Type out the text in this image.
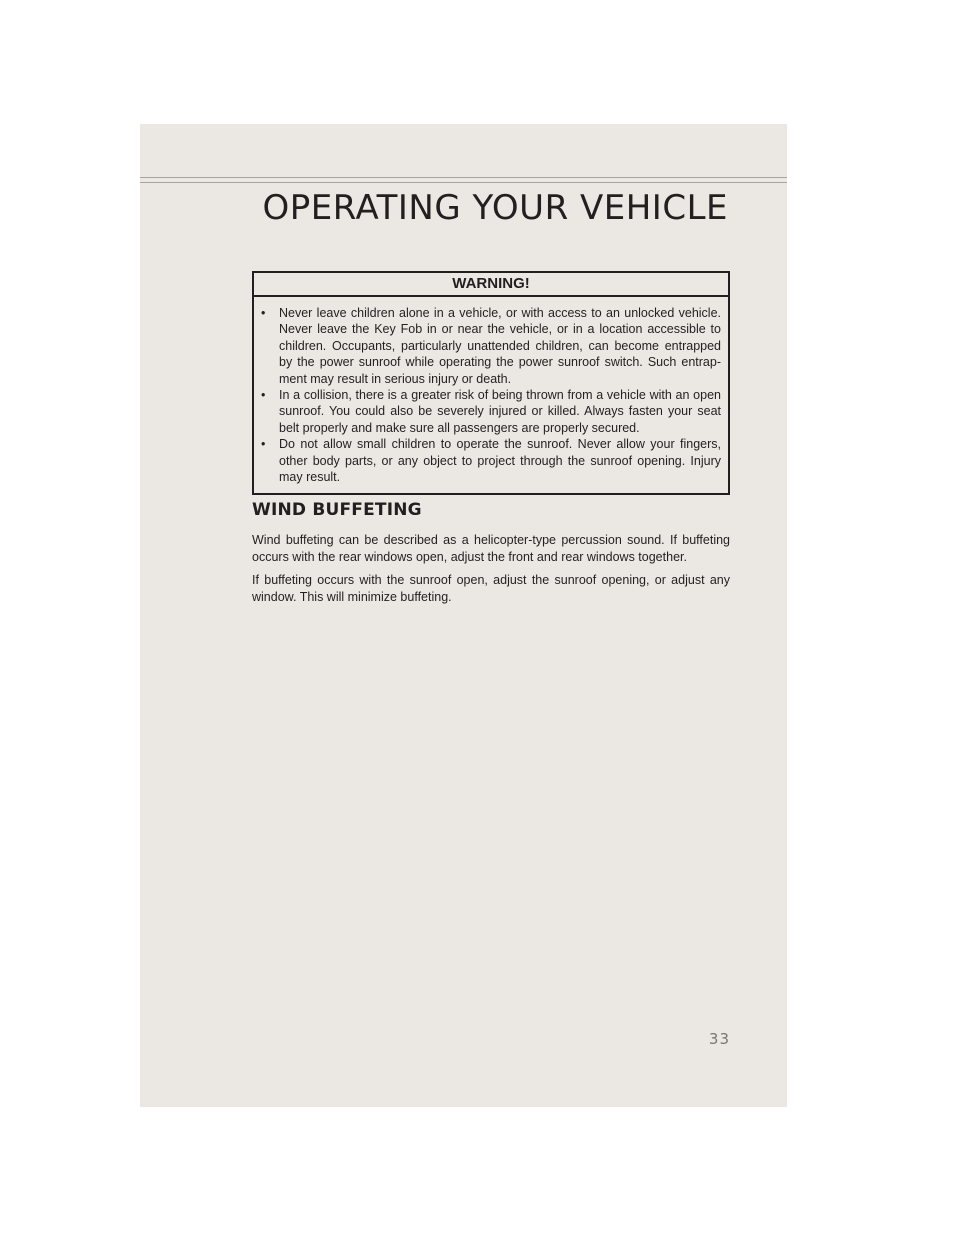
OPERATING YOUR VEHICLE
WARNING!
• Never leave children alone in a vehicle, or with access to an unlocked vehicle. Never leave the Key Fob in or near the vehicle, or in a location accessible to children. Occupants, particularly unattended children, can become entrapped by the power sunroof while operating the power sunroof switch. Such entrapment may result in serious injury or death.
• In a collision, there is a greater risk of being thrown from a vehicle with an open sunroof. You could also be severely injured or killed. Always fasten your seat belt properly and make sure all passengers are properly secured.
• Do not allow small children to operate the sunroof. Never allow your fingers, other body parts, or any object to project through the sunroof opening. Injury may result.
WIND BUFFETING

Wind buffeting can be described as a helicopter-type percussion sound. If buffeting occurs with the rear windows open, adjust the front and rear windows together.

If buffeting occurs with the sunroof open, adjust the sunroof opening, or adjust any window. This will minimize buffeting.

33
